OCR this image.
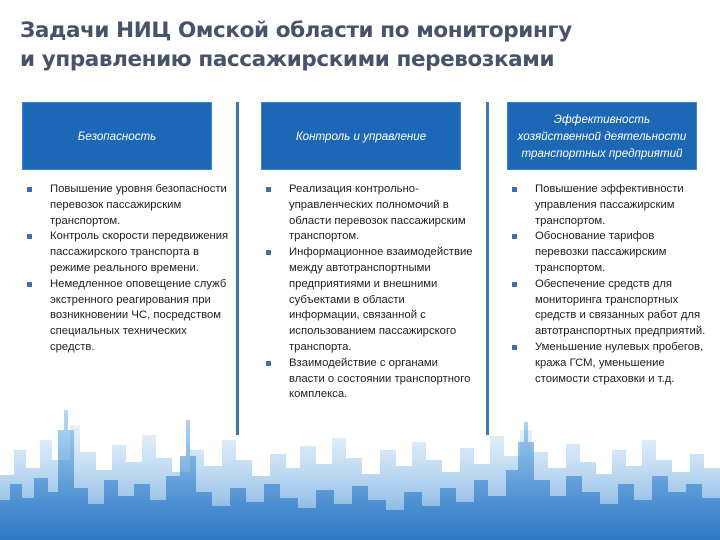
Задачи НИЦ Омской области по мониторингу
и управлению пассажирскими перевозками
Безопасность
Повышение уровня безопасности перевозок пассажирским транспортом.
Контроль скорости передвижения пассажирского транспорта в режиме реального времени.
Немедленное оповещение служб экстренного реагирования при возникновении ЧС, посредством специальных технических средств.
Контроль и управление
Реализация контрольно-управленческих полномочий в области перевозок пассажирским транспортом.
Информационное взаимодействие между автотранспортными предприятиями и внешними субъектами в области информации, связанной с использованием пассажирского транспорта.
Взаимодействие с органами власти о состоянии транспортного комплекса.
Эффективность хозяйственной деятельности транспортных предприятий
Повышение эффективности управления пассажирским транспортом.
Обоснование тарифов перевозки пассажирским транспортом.
Обеспечение средств для мониторинга транспортных средств и связанных работ для автотранспортных предприятий.
Уменьшение нулевых пробегов, кража ГСМ, уменьшение стоимости страховки и т.д.
